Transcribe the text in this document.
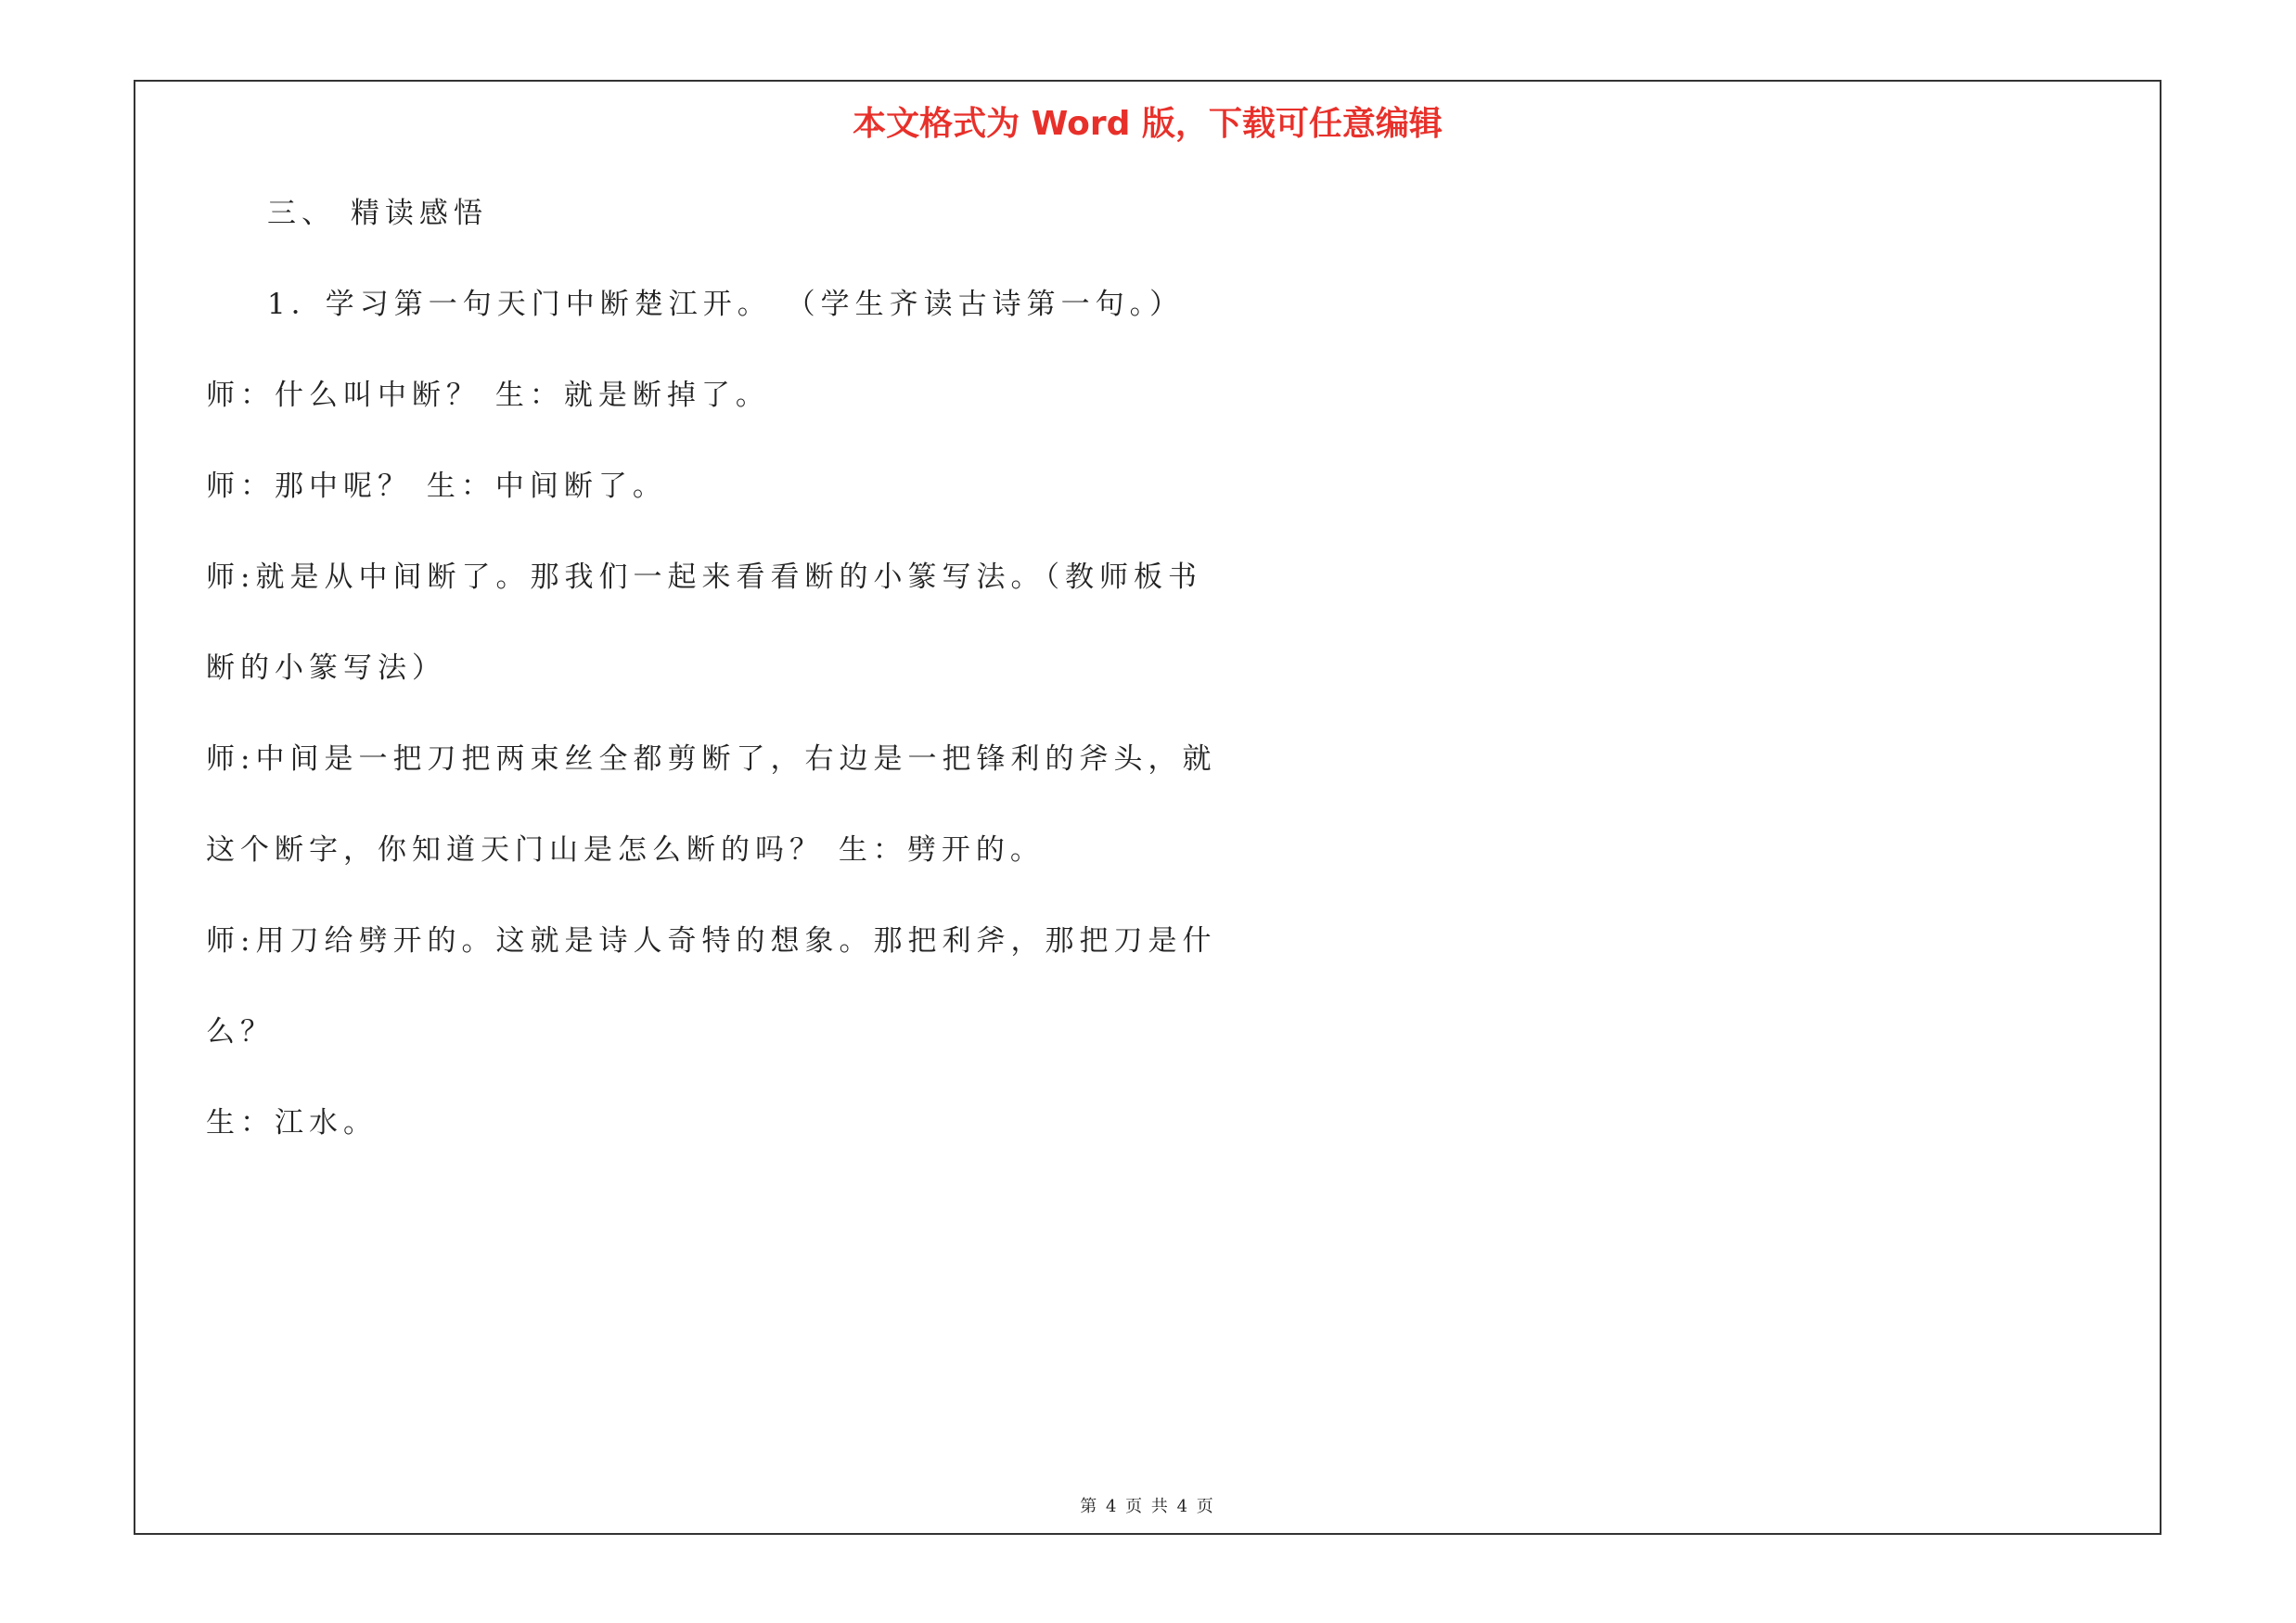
本文格式为 Word 版，下载可任意编辑
三、 精读感悟
1．学习第一句天门中断楚江开。 （学生齐读古诗第一句。）
师：什么叫中断？ 生：就是断掉了。
师：那中呢？ 生：中间断了。
师:就是从中间断了。那我们一起来看看断的小篆写法。（教师板书
断的小篆写法）
师:中间是一把刀把两束丝全都剪断了，右边是一把锋利的斧头，就
这个断字，你知道天门山是怎么断的吗？ 生：劈开的。
师:用刀给劈开的。这就是诗人奇特的想象。那把利斧，那把刀是什
么？
生：江水。
第 4 页 共 4 页
